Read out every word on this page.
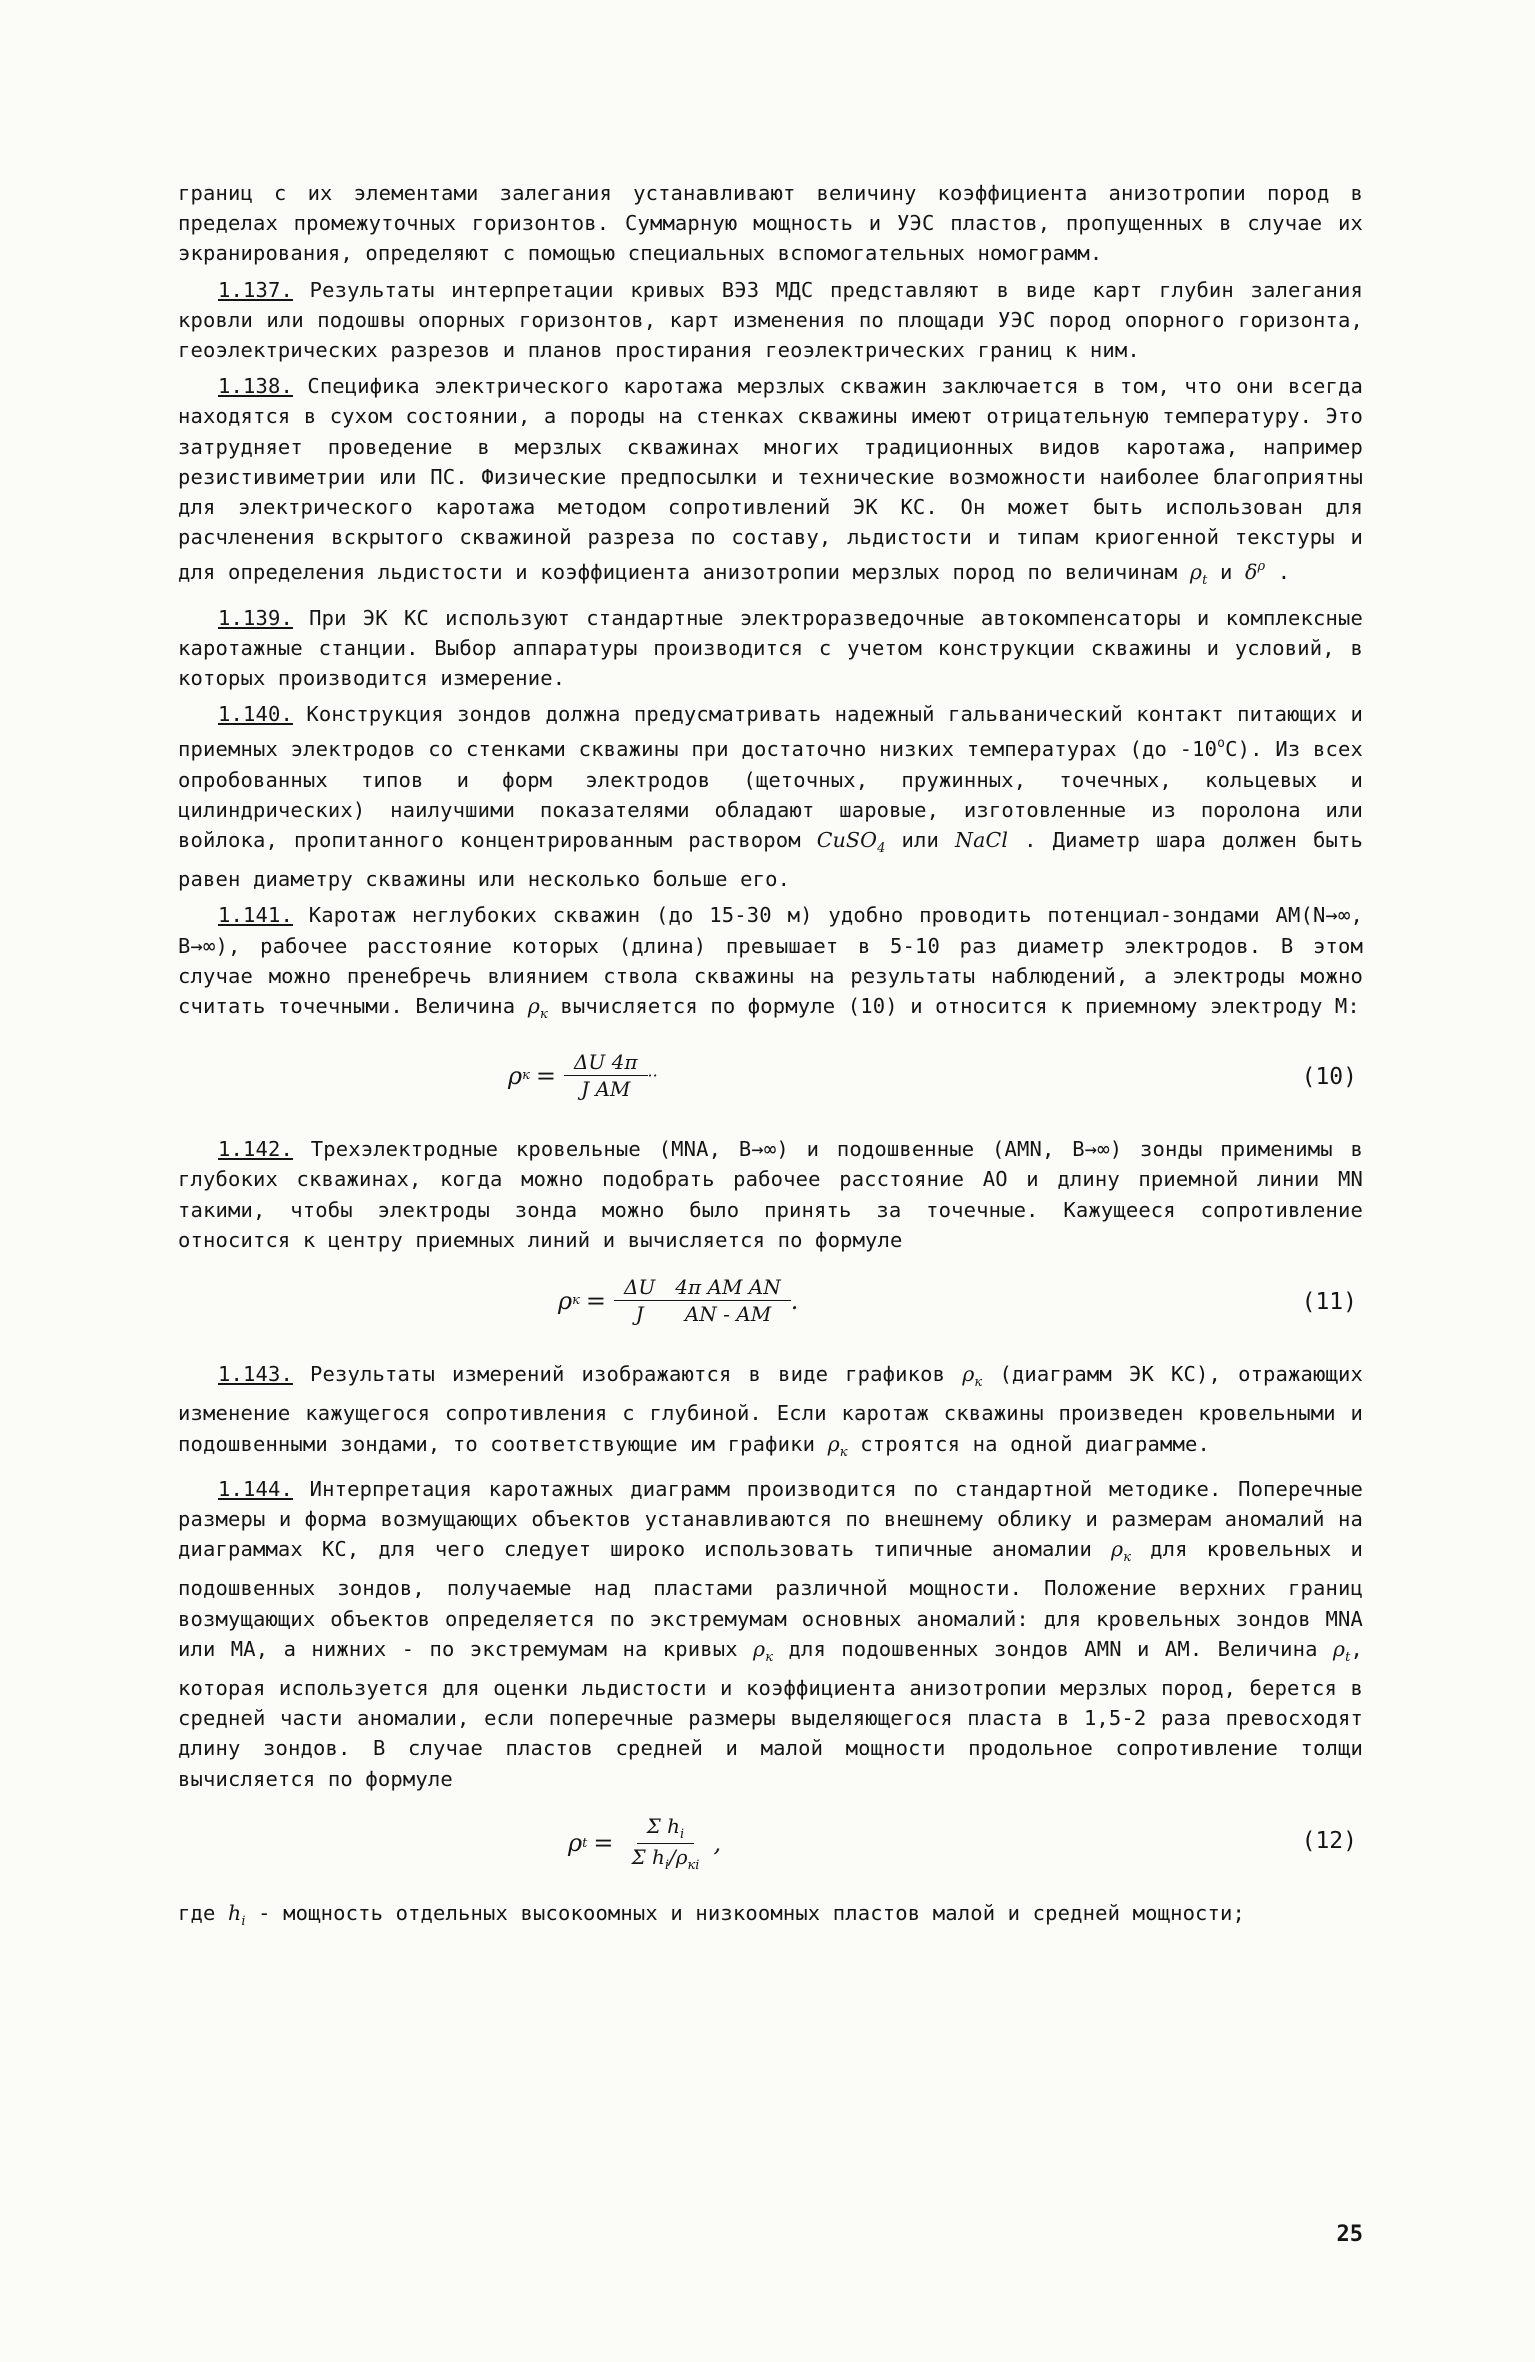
границ с их элементами залегания устанавливают величину коэффициента анизотропии пород в пределах промежуточных горизонтов. Суммарную мощность и УЭС пластов, пропущенных в случае их экранирования, определяют с помощью специальных вспомогательных номограмм.

1.137. Результаты интерпретации кривых ВЭЗ МДС представляют в виде карт глубин залегания кровли или подошвы опорных горизонтов, карт изменения по площади УЭС пород опорного горизонта, геоэлектрических разрезов и планов простирания геоэлектрических границ к ним.

1.138. Специфика электрического каротажа мерзлых скважин заключается в том, что они всегда находятся в сухом состоянии, а породы на стенках скважины имеют отрицательную температуру. Это затрудняет проведение в мерзлых скважинах многих традиционных видов каротажа, например резистивиметрии или ПС. Физические предпосылки и технические возможности наиболее благоприятны для электрического каротажа методом сопротивлений ЭК КС. Он может быть использован для расчленения вскрытого скважиной разреза по составу, льдистости и типам криогенной текстуры и для определения льдистости и коэффициента анизотропии мерзлых пород по величинам $\rho_t$ и $\delta^\rho$ .

1.139. При ЭК КС используют стандартные электроразведочные автокомпенсаторы и комплексные каротажные станции. Выбор аппаратуры производится с учетом конструкции скважины и условий, в которых производится измерение.

1.140. Конструкция зондов должна предусматривать надежный гальванический контакт питающих и приемных электродов со стенками скважины при достаточно низких температурах (до -10$^o$С). Из всех опробованных типов и форм электродов (щеточных, пружинных, точечных, кольцевых и цилиндрических) наилучшими показателями обладают шаровые, изготовленные из поролона или войлока, пропитанного концентрированным раствором CuSO$_4$ или NaCl . Диаметр шара должен быть равен диаметру скважины или несколько больше его.

1.141. Каротаж неглубоких скважин (до 15-30 м) удобно проводить потенциал-зондами АМ(N→∞, B→∞), рабочее расстояние которых (длина) превышает в 5-10 раз диаметр электродов. В этом случае можно пренебречь влиянием ствола скважины на результаты наблюдений, а электроды можно считать точечными. Величина $\rho_к$ вычисляется по формуле (10) и относится к приемному электроду М:

ρ $к = \frac{\Delta U 4\pi}{\text{J AM}}$ ··	(10)

1.142. Трехэлектродные кровельные (MNA, B→∞) и подошвенные (AMN, B→∞) зонды применимы в глубоких скважинах, когда можно подобрать рабочее расстояние AO и длину приемной линии MN такими, чтобы электроды зонда можно было принять за точечные. Кажущееся сопротивление относится к центру приемных линий и вычисляется по формуле

ρ $к = \frac{\Delta U}{J} \frac{\text{4π AM AN}}{AN - AM}$ .	(11)

1.143. Результаты измерений изображаются в виде графиков $\rho_к$ (диаграмм ЭК КС), отражающих изменение кажущегося сопротивления с глубиной. Если каротаж скважины произведен кровельными и подошвенными зондами, то соответствующие им графики $\rho_к$ строятся на одной диаграмме.

1.144. Интерпретация каротажных диаграмм производится по стандартной методике. Поперечные размеры и форма возмущающих объектов устанавливаются по внешнему облику и размерам аномалий на диаграммах КС, для чего следует широко использовать типичные аномалии $\rho_к$ для кровельных и подошвенных зондов, получаемые над пластами различной мощности. Положение верхних границ возмущающих объектов определяется по экстремумам основных аномалий: для кровельных зондов MNA или МА, а нижних - по экстремумам на кривых $\rho_к$ для подошвенных зондов AMN и AM. Величина $\rho_t$, которая используется для оценки льдистости и коэффициента анизотропии мерзлых пород, берется в средней части аномалии, если поперечные размеры выделяющегося пласта в 1,5-2 раза превосходят длину зондов. В случае пластов средней и малой мощности продольное сопротивление толщи вычисляется по формуле

ρ $t = \frac{\Sigma h_i}{\Sigma h_i/\rho_{кi}}$ ,	(12)

где $h_i$ - мощность отдельных высокоомных и низкоомных пластов малой и средней мощности;

25
